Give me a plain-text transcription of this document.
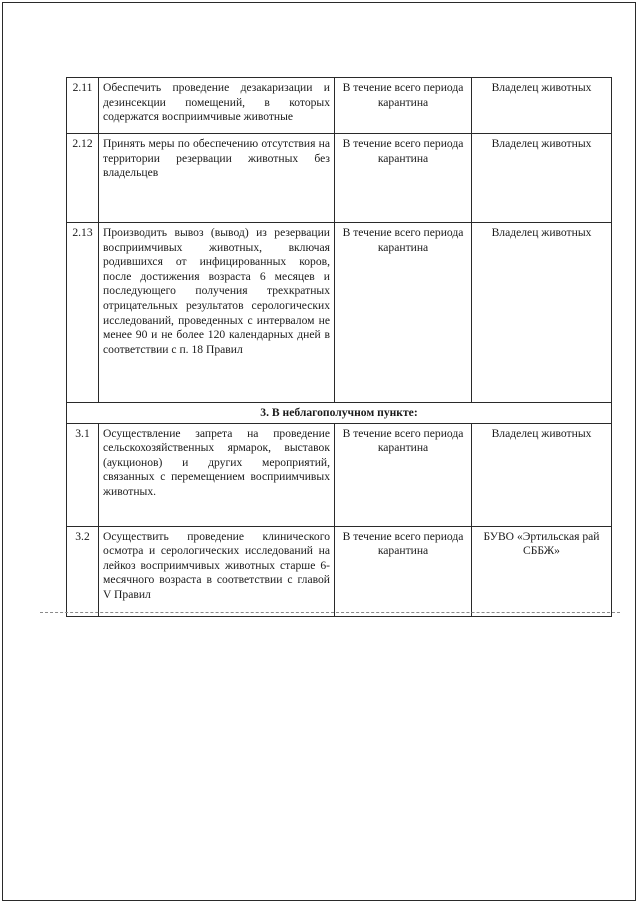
2.11	Обеспечить проведение дезакаризации и дезинсекции помещений, в которых содержатся восприимчивые животные	В течение всего периода карантина	Владелец животных
2.12	Принять меры по обеспечению отсутствия на территории резервации животных без владельцев	В течение всего периода карантина	Владелец животных
2.13	Производить вывоз (вывод) из резервации восприимчивых животных, включая родившихся от инфицированных коров, после достижения возраста 6 месяцев и последующего получения трехкратных отрицательных результатов серологических исследований, проведенных с интервалом не менее 90 и не более 120 календарных дней в соответствии с п. 18 Правил	В течение всего периода карантина	Владелец животных
3. В неблагополучном пункте:			
3.1	Осуществление запрета на проведение сельскохозяйственных ярмарок, выставок (аукционов) и других мероприятий, связанных с перемещением восприимчивых животных.	В течение всего периода карантина	Владелец животных
3.2	Осуществить проведение клинического осмотра и серологических исследований на лейкоз восприимчивых животных старше 6-месячного возраста в соответствии с главой V Правил	В течение всего периода карантина	БУВО «Эртильская рай СББЖ»
